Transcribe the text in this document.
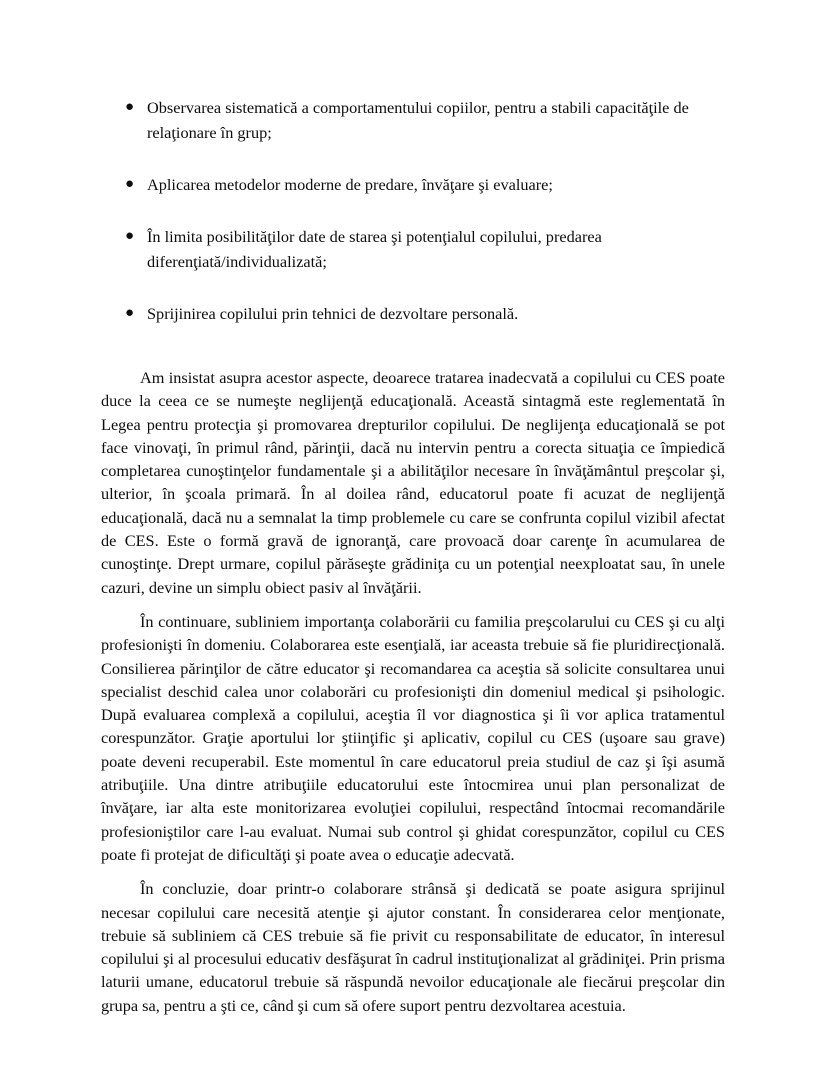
● Observarea sistematică a comportamentului copiilor, pentru a stabili capacităţile de relaţionare în grup;
● Aplicarea metodelor moderne de predare, învăţare şi evaluare;
● În limita posibilităţilor date de starea şi potenţialul copilului, predarea diferenţiată/individualizată;
● Sprijinirea copilului prin tehnici de dezvoltare personală.

Am insistat asupra acestor aspecte, deoarece tratarea inadecvată a copilului cu CES poate duce la ceea ce se numeşte neglijenţă educaţională. Această sintagmă este reglementată în Legea pentru protecţia şi promovarea drepturilor copilului. De neglijenţa educaţională se pot face vinovaţi, în primul rând, părinţii, dacă nu intervin pentru a corecta situaţia ce împiedică completarea cunoştinţelor fundamentale şi a abilităţilor necesare în învăţământul preşcolar şi, ulterior, în şcoala primară. În al doilea rând, educatorul poate fi acuzat de neglijenţă educaţională, dacă nu a semnalat la timp problemele cu care se confrunta copilul vizibil afectat de CES. Este o formă gravă de ignoranţă, care provoacă doar carenţe în acumularea de cunoştinţe. Drept urmare, copilul părăseşte grădiniţa cu un potenţial neexploatat sau, în unele cazuri, devine un simplu obiect pasiv al învăţării.

În continuare, subliniem importanţa colaborării cu familia preşcolarului cu CES şi cu alţi profesionişti în domeniu. Colaborarea este esenţială, iar aceasta trebuie să fie pluridirecţională. Consilierea părinţilor de către educator şi recomandarea ca aceştia să solicite consultarea unui specialist deschid calea unor colaborări cu profesionişti din domeniul medical şi psihologic. După evaluarea complexă a copilului, aceştia îl vor diagnostica şi îi vor aplica tratamentul corespunzător. Graţie aportului lor ştiinţific şi aplicativ, copilul cu CES (uşoare sau grave) poate deveni recuperabil. Este momentul în care educatorul preia studiul de caz şi îşi asumă atribuţiile. Una dintre atribuţiile educatorului este întocmirea unui plan personalizat de învăţare, iar alta este monitorizarea evoluţiei copilului, respectând întocmai recomandările profesioniştilor care l-au evaluat. Numai sub control şi ghidat corespunzător, copilul cu CES poate fi protejat de dificultăţi şi poate avea o educaţie adecvată.

În concluzie, doar printr-o colaborare strânsă şi dedicată se poate asigura sprijinul necesar copilului care necesită atenţie şi ajutor constant. În considerarea celor menţionate, trebuie să subliniem că CES trebuie să fie privit cu responsabilitate de educator, în interesul copilului şi al procesului educativ desfăşurat în cadrul instituţionalizat al grădiniţei. Prin prisma laturii umane, educatorul trebuie să răspundă nevoilor educaţionale ale fiecărui preşcolar din grupa sa, pentru a şti ce, când şi cum să ofere suport pentru dezvoltarea acestuia.
